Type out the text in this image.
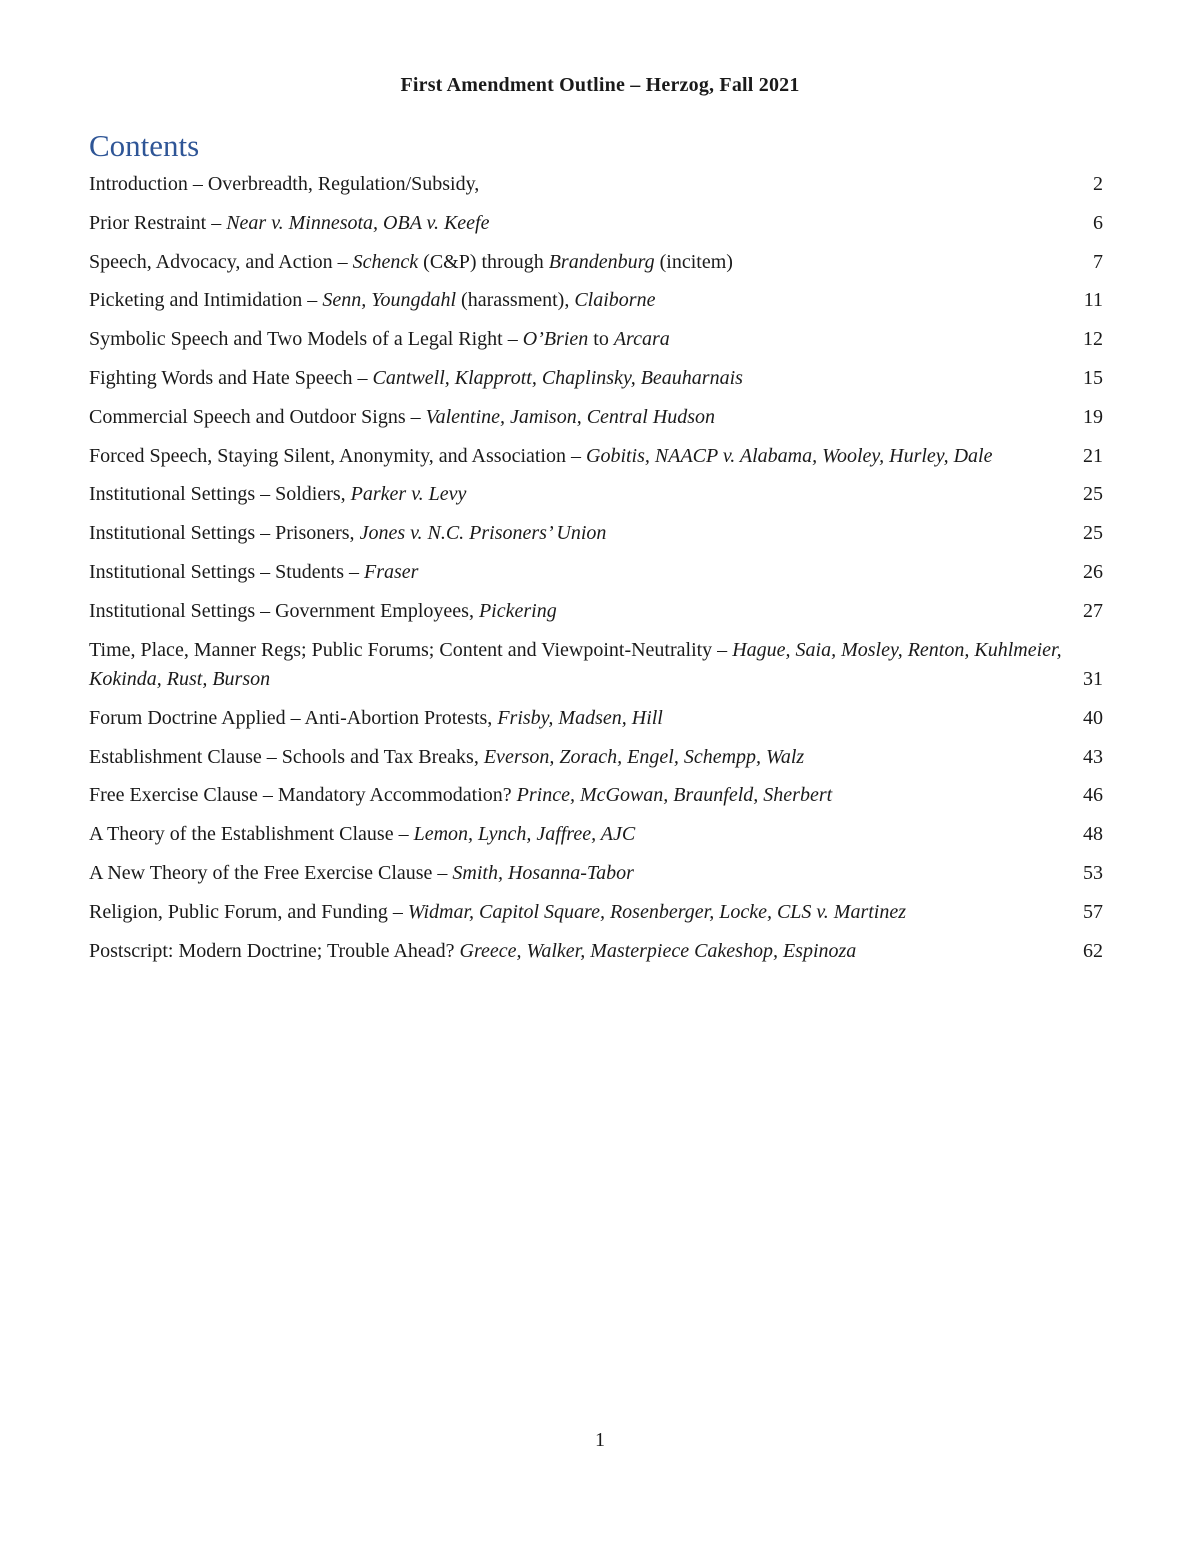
First Amendment Outline – Herzog, Fall 2021
Contents
Introduction – Overbreadth, Regulation/Subsidy,	2
Prior Restraint – Near v. Minnesota, OBA v. Keefe	6
Speech, Advocacy, and Action – Schenck (C&P) through Brandenburg (incitem)	7
Picketing and Intimidation – Senn, Youngdahl (harassment), Claiborne	11
Symbolic Speech and Two Models of a Legal Right – O’Brien to Arcara	12
Fighting Words and Hate Speech – Cantwell, Klapprott, Chaplinsky, Beauharnais	15
Commercial Speech and Outdoor Signs – Valentine, Jamison, Central Hudson	19
Forced Speech, Staying Silent, Anonymity, and Association – Gobitis, NAACP v. Alabama, Wooley, Hurley, Dale	21
Institutional Settings – Soldiers, Parker v. Levy	25
Institutional Settings – Prisoners, Jones v. N.C. Prisoners’ Union	25
Institutional Settings – Students – Fraser	26
Institutional Settings – Government Employees, Pickering	27
Time, Place, Manner Regs; Public Forums; Content and Viewpoint-Neutrality – Hague, Saia, Mosley, Renton, Kuhlmeier, Kokinda, Rust, Burson	31
Forum Doctrine Applied – Anti-Abortion Protests, Frisby, Madsen, Hill	40
Establishment Clause – Schools and Tax Breaks, Everson, Zorach, Engel, Schempp, Walz	43
Free Exercise Clause – Mandatory Accommodation? Prince, McGowan, Braunfeld, Sherbert	46
A Theory of the Establishment Clause – Lemon, Lynch, Jaffree, AJC	48
A New Theory of the Free Exercise Clause – Smith, Hosanna-Tabor	53
Religion, Public Forum, and Funding – Widmar, Capitol Square, Rosenberger, Locke, CLS v. Martinez	57
Postscript: Modern Doctrine; Trouble Ahead? Greece, Walker, Masterpiece Cakeshop, Espinoza	62
1
